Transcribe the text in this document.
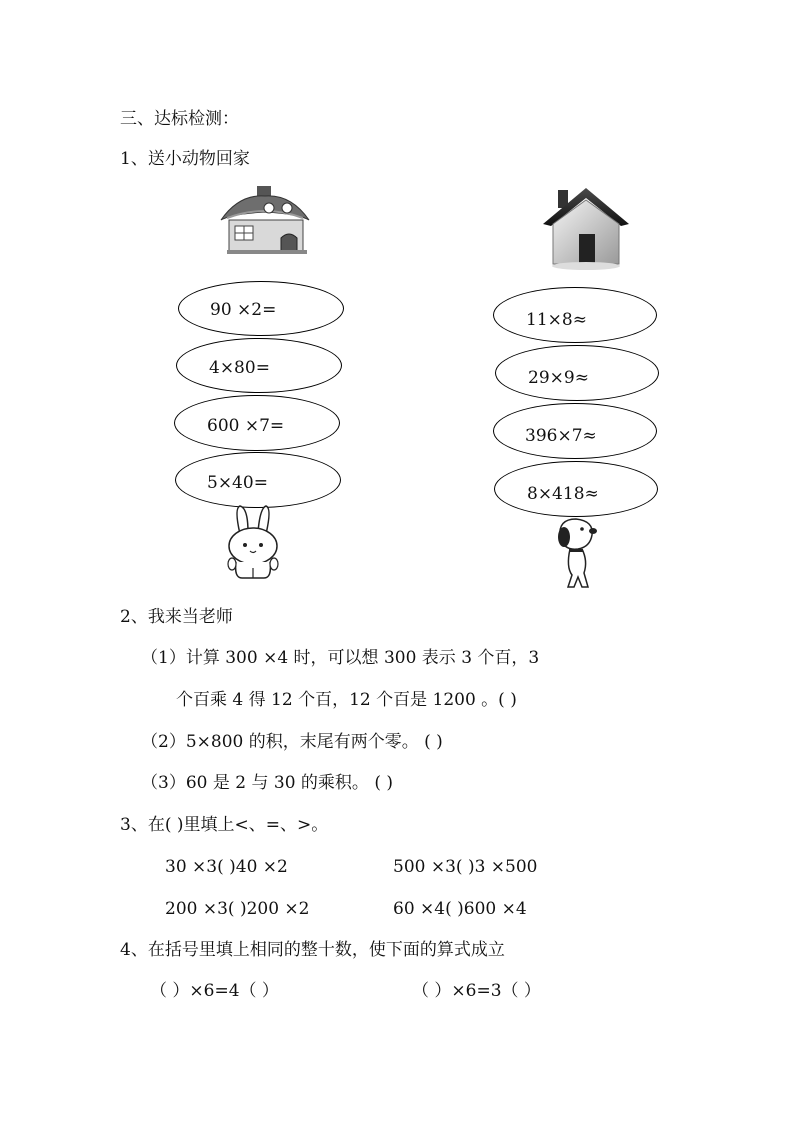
三、达标检测：
1、送小动物回家
90 ×2=
4×80=
600 ×7=
5×40=
11×8≈
29×9≈
396×7≈
8×418≈
2、我来当老师
（1）计算 300 ×4 时，可以想 300 表示 3 个百，3
个百乘 4 得 12 个百，12 个百是 1200 。( )
（2）5×800 的积，末尾有两个零。 ( )
（3）60 是 2 与 30 的乘积。 ( )
3、在( )里填上<、=、>。
30 ×3( )40 ×2	500 ×3( )3 ×500
200 ×3( )200 ×2	60 ×4( )600 ×4
4、在括号里填上相同的整十数，使下面的算式成立
（ ）×6=4（ ）	（ ）×6=3（ ）
